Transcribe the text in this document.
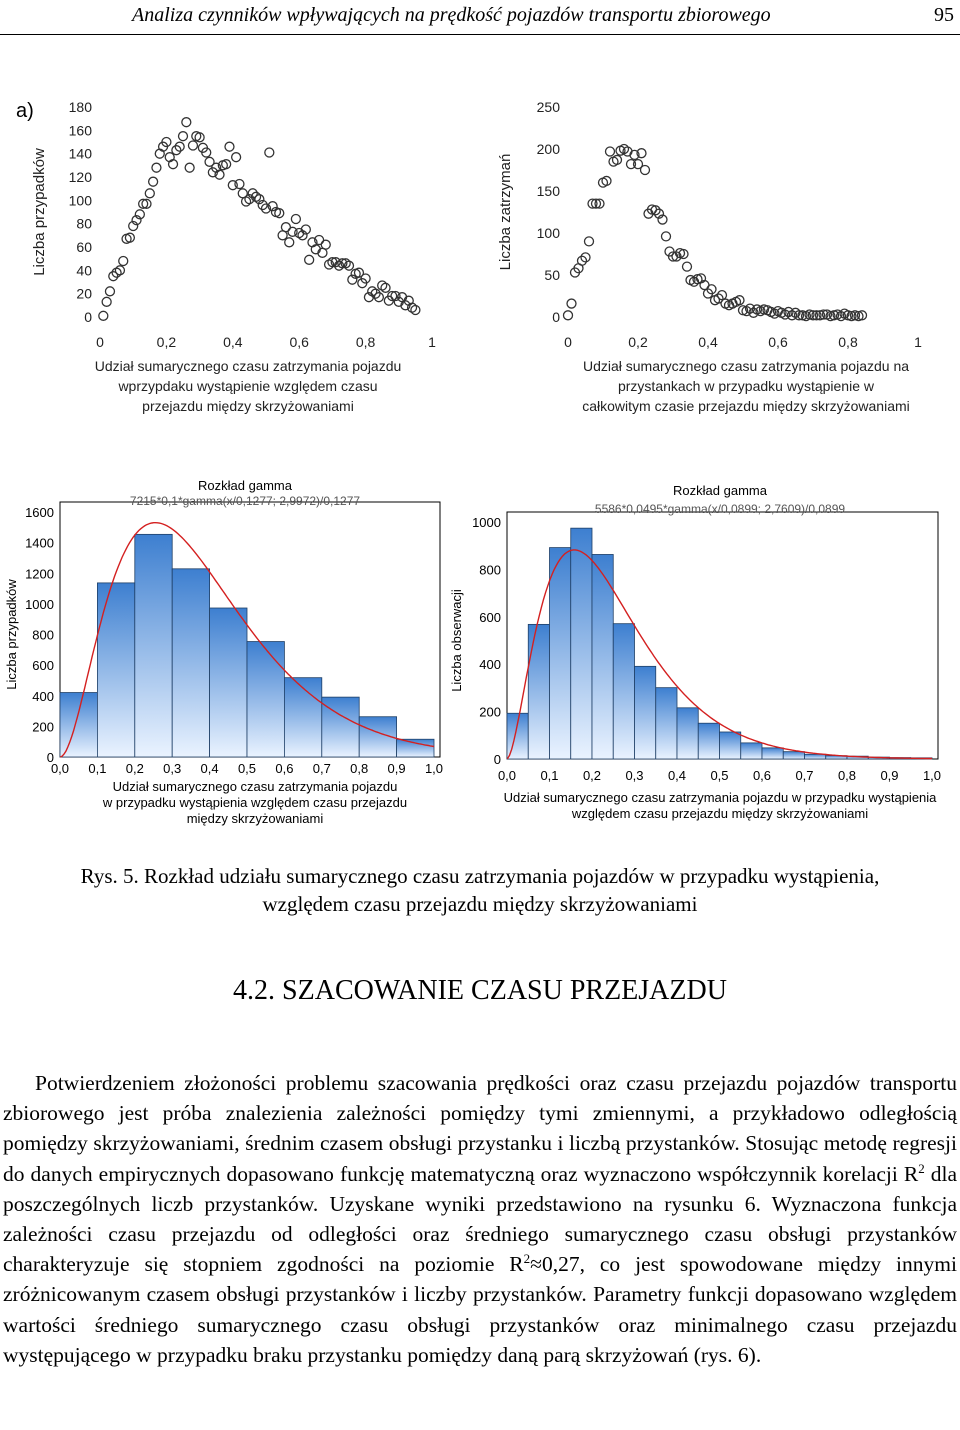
Analiza czynników wpływających na prędkość pojazdów transportu zbiorowego	95
a)
0
20
40
60
80
100
120
140
160
180
0	0,2	0,4	0,6	0,8	1
Liczba przypadków
Udział sumarycznego czasu zatrzymania pojazdu
wprzypdaku wystąpienie względem czasu
przejazdu między skrzyżowaniami
0
50
100
150
200
250
0	0,2	0,4	0,6	0,8	1
Liczba zatrzymań
Udział sumarycznego czasu zatrzymania pojazdu na
przystankach w przypadku wystąpienie w
całkowitym czasie przejazdu między skrzyżowaniami
Rozkład gamma
7215*0,1*gamma(x/0,1277; 2,9972)/0,1277
0
200
400
600
800
1000
1200
1400
1600
0,0 0,1 0,2 0,3 0,4 0,5 0,6 0,7 0,8 0,9 1,0
Liczba przypadków
Udział sumarycznego czasu zatrzymania pojazdu
w przypadku wystąpienia względem czasu przejazdu
między skrzyżowaniami
Rozkład gamma
5586*0,0495*gamma(x/0,0899; 2,7609)/0,0899
0
200
400
600
800
1000
0,0 0,1 0,2 0,3 0,4 0,5 0,6 0,7 0,8 0,9 1,0
Liczba obserwacji
Udział sumarycznego czasu zatrzymania pojazdu w przypadku wystąpienia
względem czasu przejazdu między skrzyżowaniami
Rys. 5. Rozkład udziału sumarycznego czasu zatrzymania pojazdów w przypadku wystąpienia,
względem czasu przejazdu między skrzyżowaniami
4.2. SZACOWANIE CZASU PRZEJAZDU
Potwierdzeniem złożoności problemu szacowania prędkości oraz czasu przejazdu pojazdów transportu zbiorowego jest próba znalezienia zależności pomiędzy tymi zmiennymi, a przykładowo odległością pomiędzy skrzyżowaniami, średnim czasem obsługi przystanku i liczbą przystanków. Stosując metodę regresji do danych empirycznych dopasowano funkcję matematyczną oraz wyznaczono współczynnik korelacji $R^2$ dla poszczególnych liczb przystanków. Uzyskane wyniki przedstawiono na rysunku 6. Wyznaczona funkcja zależności czasu przejazdu od odległości oraz średniego sumarycznego czasu obsługi przystanków charakteryzuje się stopniem zgodności na poziomie $R^2\approx 0,27$, co jest spowodowane między innymi zróżnicowanym czasem obsługi przystanków i liczby przystanków. Parametry funkcji dopasowano względem wartości średniego sumarycznego czasu obsługi przystanków oraz minimalnego czasu przejazdu występującego w przypadku braku przystanku pomiędzy daną parą skrzyżowań (rys. 6).
